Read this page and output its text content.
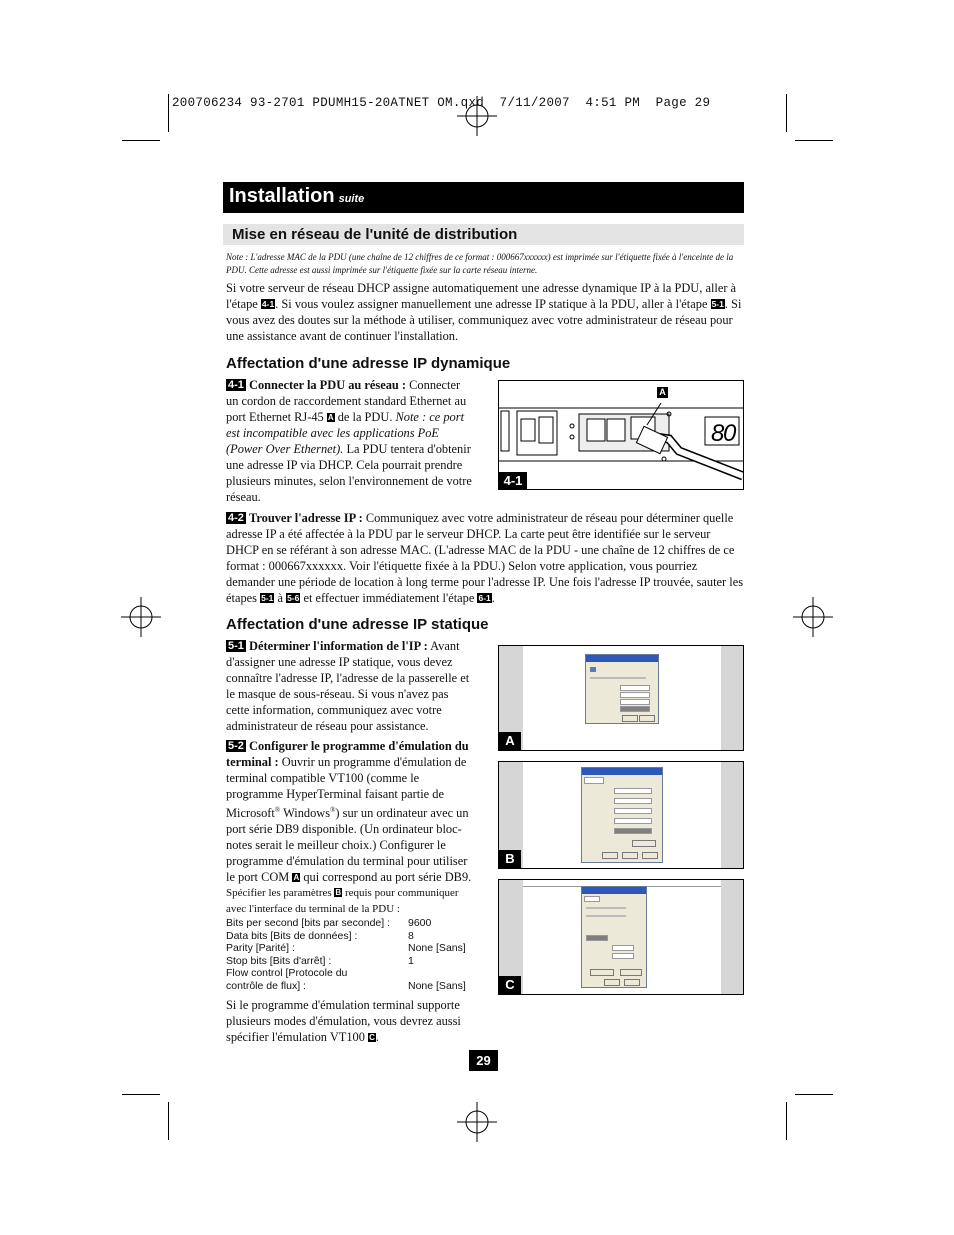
200706234 93-2701 PDUMH15-20ATNET OM.qxd  7/11/2007  4:51 PM  Page 29
Installation suite
Mise en réseau de l'unité de distribution
Note : L'adresse MAC de la PDU (une chaîne de 12 chiffres de ce format : 000667xxxxxx) est imprimée sur l'étiquette fixée à l'enceinte de la PDU. Cette adresse est aussi imprimée sur l'étiquette fixée sur la carte réseau interne.
Si votre serveur de réseau DHCP assigne automatiquement une adresse dynamique IP à la PDU, aller à l'étape 4-1. Si vous voulez assigner manuellement une adresse IP statique à la PDU, aller à l'étape 5-1. Si vous avez des doutes sur la méthode à utiliser, communiquez avec votre administrateur de réseau pour une assistance avant de continuer l'installation.
Affectation d'une adresse IP dynamique
4-1 Connecter la PDU au réseau : Connecter un cordon de raccordement standard Ethernet au port Ethernet RJ-45 A de la PDU. Note : ce port est incompatible avec les applications PoE (Power Over Ethernet). La PDU tentera d'obtenir une adresse IP via DHCP. Cela pourrait prendre plusieurs minutes, selon l'environnement de votre réseau.
8
0
A
4-1
4-2 Trouver l'adresse IP : Communiquez avec votre administrateur de réseau pour déterminer quelle adresse IP a été affectée à la PDU par le serveur DHCP. La carte peut être identifiée sur le serveur DHCP en se référant à son adresse MAC. (L'adresse MAC de la PDU - une chaîne de 12 chiffres de ce format : 000667xxxxxx. Voir l'étiquette fixée à la PDU.) Selon votre application, vous pourriez demander une période de location à long terme pour l'adresse IP. Une fois l'adresse IP trouvée, sauter les étapes 5-1 à 5-6 et effectuer immédiatement l'étape 6-1.
Affectation d'une adresse IP statique
5-1 Déterminer l'information de l'IP : Avant d'assigner une adresse IP statique, vous devez connaître l'adresse IP, l'adresse de la passerelle et le masque de sous-réseau. Si vous n'avez pas cette information, communiquez avec votre administrateur de réseau pour assistance.
5-2 Configurer le programme d'émulation du terminal : Ouvrir un programme d'émulation de terminal compatible VT100 (comme le programme HyperTerminal faisant partie de Microsoft® Windows®) sur un ordinateur avec un port série DB9 disponible. (Un ordinateur bloc-notes serait le meilleur choix.) Configurer le programme d'émulation du terminal pour utiliser le port COM A qui correspond au port série DB9.
Spécifier les paramètres B requis pour communiquer avec l'interface du terminal de la PDU :
Bits per second [bits par seconde] : 9600
Data bits [Bits de données] :	8
Parity [Parité] :	None [Sans]
Stop bits [Bits d'arrêt] :	1
Flow control [Protocole du
contrôle de flux] :	None [Sans]
Si le programme d'émulation terminal supporte plusieurs modes d'émulation, vous devrez aussi spécifier l'émulation VT100 C.
A
B
C
29
